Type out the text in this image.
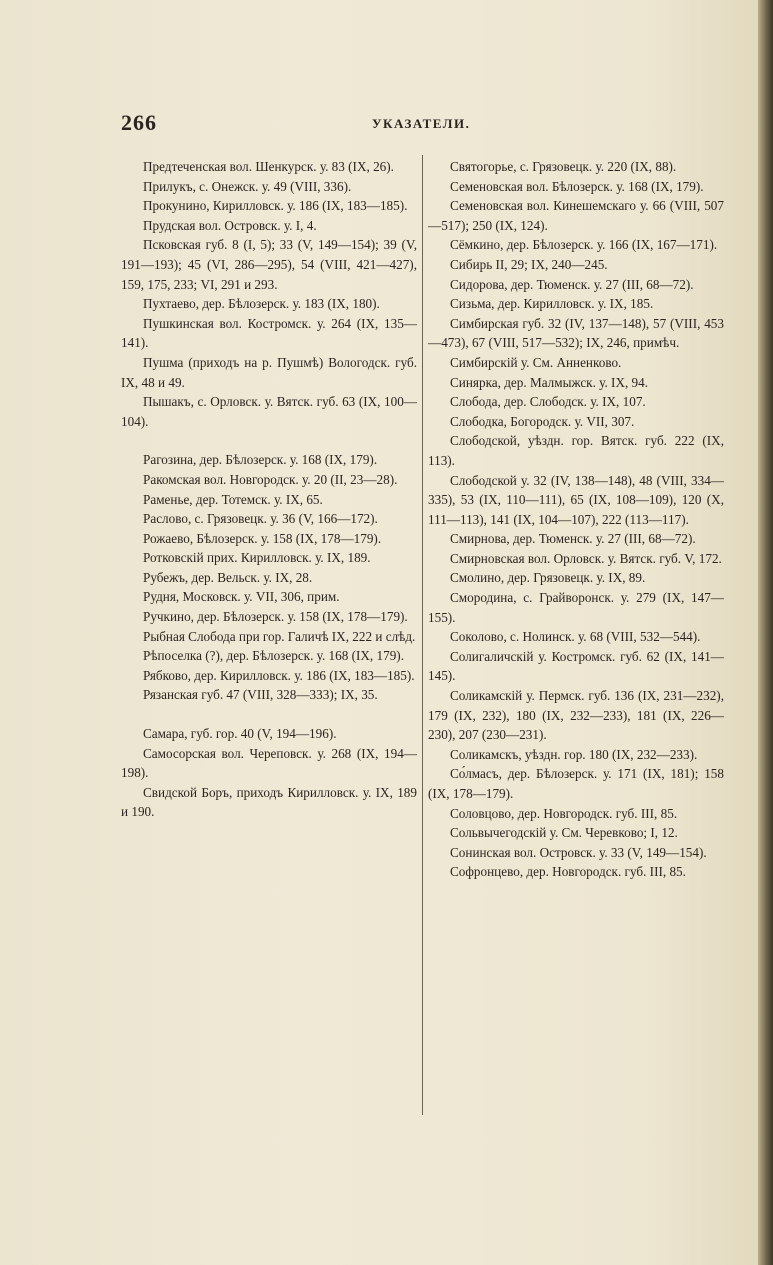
266	УКАЗАТЕЛИ.

Предтеченская вол. Шенкурск. у. 83 (IX, 26).

Прилукъ, с. Онежск. у. 49 (VIII, 336).

Прокунино, Кирилловск. у. 186 (IX, 183—185).

Прудская вол. Островск. у. I, 4.

Псковская губ. 8 (I, 5); 33 (V, 149—154); 39 (V, 191—193); 45 (VI, 286—295), 54 (VIII, 421—427), 159, 175, 233; VI, 291 и 293.

Пухтаево, дер. Бѣлозерск. у. 183 (IX, 180).

Пушкинская вол. Костромск. у. 264 (IX, 135—141).

Пушма (приходъ на р. Пушмѣ) Вологодск. губ. IX, 48 и 49.

Пышакъ, с. Орловск. у. Вятск. губ. 63 (IX, 100—104).

Рагозина, дер. Бѣлозерск. у. 168 (IX, 179).

Ракомская вол. Новгородск. у. 20 (II, 23—28).

Раменье, дер. Тотемск. у. IX, 65.

Раслово, с. Грязовецк. у. 36 (V, 166—172).

Рожаево, Бѣлозерск. у. 158 (IX, 178—179).

Ротковскій прих. Кирилловск. у. IX, 189.

Рубежъ, дер. Вельск. у. IX, 28.

Рудня, Московск. у. VII, 306, прим.

Ручкино, дер. Бѣлозерск. у. 158 (IX, 178—179).

Рыбная Слобода при гор. Галичѣ IX, 222 и слѣд.

Рѣпоселка (?), дер. Бѣлозерск. у. 168 (IX, 179).

Рябково, дер. Кирилловск. у. 186 (IX, 183—185).

Рязанская губ. 47 (VIII, 328—333); IX, 35.

Самара, губ. гор. 40 (V, 194—196).

Самосорская вол. Череповск. у. 268 (IX, 194—198).

Свидской Боръ, приходъ Кирилловск. у. IX, 189 и 190.

Святогорье, с. Грязовецк. у. 220 (IX, 88).

Семеновская вол. Бѣлозерск. у. 168 (IX, 179).

Семеновская вол. Кинешемскаго у. 66 (VIII, 507—517); 250 (IX, 124).

Сёмкино, дер. Бѣлозерск. у. 166 (IX, 167—171).

Сибирь II, 29; IX, 240—245.

Сидорова, дер. Тюменск. у. 27 (III, 68—72).

Сизьма, дер. Кирилловск. у. IX, 185.

Симбирская губ. 32 (IV, 137—148), 57 (VIII, 453—473), 67 (VIII, 517—532); IX, 246, примѣч.

Симбирскій у. См. Анненково.

Синярка, дер. Малмыжск. у. IX, 94.

Слобода, дер. Слободск. у. IX, 107.

Слободка, Богородск. у. VII, 307.

Слободской, уѣздн. гор. Вятск. губ. 222 (IX, 113).

Слободской у. 32 (IV, 138—148), 48 (VIII, 334—335), 53 (IX, 110—111), 65 (IX, 108—109), 120 (X, 111—113), 141 (IX, 104—107), 222 (113—117).

Смирнова, дер. Тюменск. у. 27 (III, 68—72).

Смирновская вол. Орловск. у. Вятск. губ. V, 172.

Смолино, дер. Грязовецк. у. IX, 89.

Смородина, с. Грайворонск. у. 279 (IX, 147—155).

Соколово, с. Нолинск. у. 68 (VIII, 532—544).

Солигаличскій у. Костромск. губ. 62 (IX, 141—145).

Соликамскій у. Пермск. губ. 136 (IX, 231—232), 179 (IX, 232), 180 (IX, 232—233), 181 (IX, 226—230), 207 (230—231).

Соликамскъ, уѣздн. гор. 180 (IX, 232—233).

Со́лмасъ, дер. Бѣлозерск. у. 171 (IX, 181); 158 (IX, 178—179).

Соловцово, дер. Новгородск. губ. III, 85.

Сольвычегодскій у. См. Черевково; I, 12.

Сонинская вол. Островск. у. 33 (V, 149—154).

Софронцево, дер. Новгородск. губ. III, 85.
